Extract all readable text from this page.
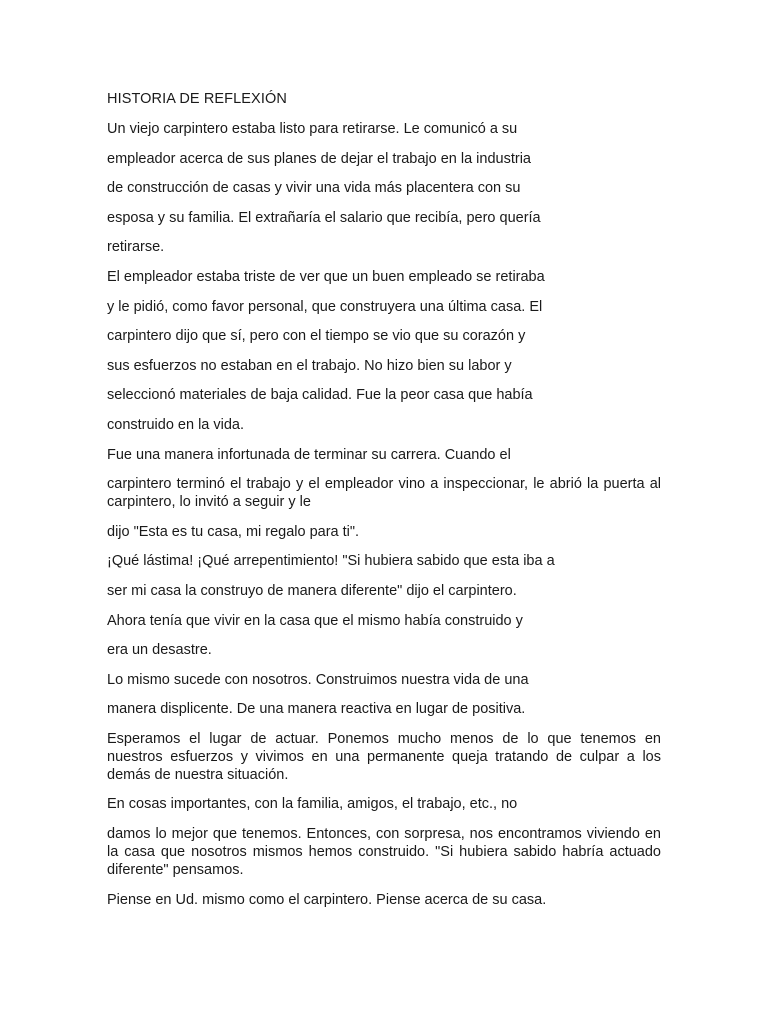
HISTORIA DE REFLEXIÓN
Un viejo carpintero estaba listo para retirarse. Le comunicó a su
empleador acerca de sus planes de dejar el trabajo en la industria
de construcción de casas y vivir una vida más placentera con su
esposa y su familia. El extrañaría el salario que recibía, pero quería
retirarse.
El empleador estaba triste de ver que un buen empleado se retiraba
y le pidió, como favor personal, que construyera una última casa. El
carpintero dijo que sí, pero con el tiempo se vio que su corazón y
sus esfuerzos no estaban en el trabajo. No hizo bien su labor y
seleccionó materiales de baja calidad. Fue la peor casa que había
construido en la vida.
Fue una manera infortunada de terminar su carrera. Cuando el
carpintero terminó el trabajo y el empleador vino a inspeccionar, le abrió la puerta al carpintero, lo invitó a seguir y le
dijo "Esta es tu casa, mi regalo para ti".
¡Qué lástima! ¡Qué arrepentimiento! "Si hubiera sabido que esta iba a
ser mi casa la construyo de manera diferente" dijo el carpintero.
Ahora tenía que vivir en la casa que el mismo había construido y
era un desastre.
Lo mismo sucede con nosotros. Construimos nuestra vida de una
manera displicente. De una manera reactiva en lugar de positiva.
Esperamos el lugar de actuar. Ponemos mucho menos de lo que tenemos en nuestros esfuerzos y vivimos en una permanente queja tratando de culpar a los demás de nuestra situación.
En cosas importantes, con la familia, amigos, el trabajo, etc., no
damos lo mejor que tenemos. Entonces, con sorpresa, nos encontramos viviendo en la casa que nosotros mismos hemos construido. "Si hubiera sabido habría actuado diferente" pensamos.
Piense en Ud. mismo como el carpintero. Piense acerca de su casa.
